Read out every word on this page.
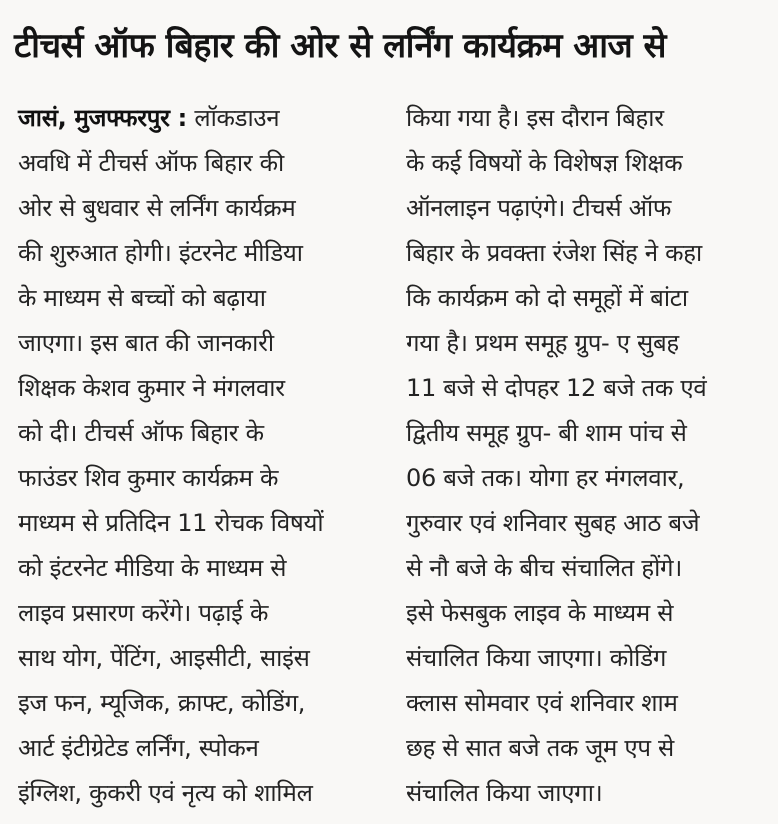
टीचर्स ऑफ बिहार की ओर से लर्निंग कार्यक्रम आज से
जासं, मुजफ्फरपुर : लॉकडाउन
अवधि में टीचर्स ऑफ बिहार की
ओर से बुधवार से लर्निंग कार्यक्रम
की शुरुआत होगी। इंटरनेट मीडिया
के माध्यम से बच्चों को बढ़ाया
जाएगा। इस बात की जानकारी
शिक्षक केशव कुमार ने मंगलवार
को दी। टीचर्स ऑफ बिहार के
फाउंडर शिव कुमार कार्यक्रम के
माध्यम से प्रतिदिन 11 रोचक विषयों
को इंटरनेट मीडिया के माध्यम से
लाइव प्रसारण करेंगे। पढ़ाई के
साथ योग, पेंटिंग, आइसीटी, साइंस
इज फन, म्यूजिक, क्राफ्ट, कोडिंग,
आर्ट इंटीग्रेटेड लर्निंग, स्पोकन
इंग्लिश, कुकरी एवं नृत्य को शामिल
किया गया है। इस दौरान बिहार
के कई विषयों के विशेषज्ञ शिक्षक
ऑनलाइन पढ़ाएंगे। टीचर्स ऑफ
बिहार के प्रवक्ता रंजेश सिंह ने कहा
कि कार्यक्रम को दो समूहों में बांटा
गया है। प्रथम समूह ग्रुप- ए सुबह
11 बजे से दोपहर 12 बजे तक एवं
द्वितीय समूह ग्रुप- बी शाम पांच से
06 बजे तक। योगा हर मंगलवार,
गुरुवार एवं शनिवार सुबह आठ बजे
से नौ बजे के बीच संचालित होंगे।
इसे फेसबुक लाइव के माध्यम से
संचालित किया जाएगा। कोडिंग
क्लास सोमवार एवं शनिवार शाम
छह से सात बजे तक जूम एप से
संचालित किया जाएगा।
